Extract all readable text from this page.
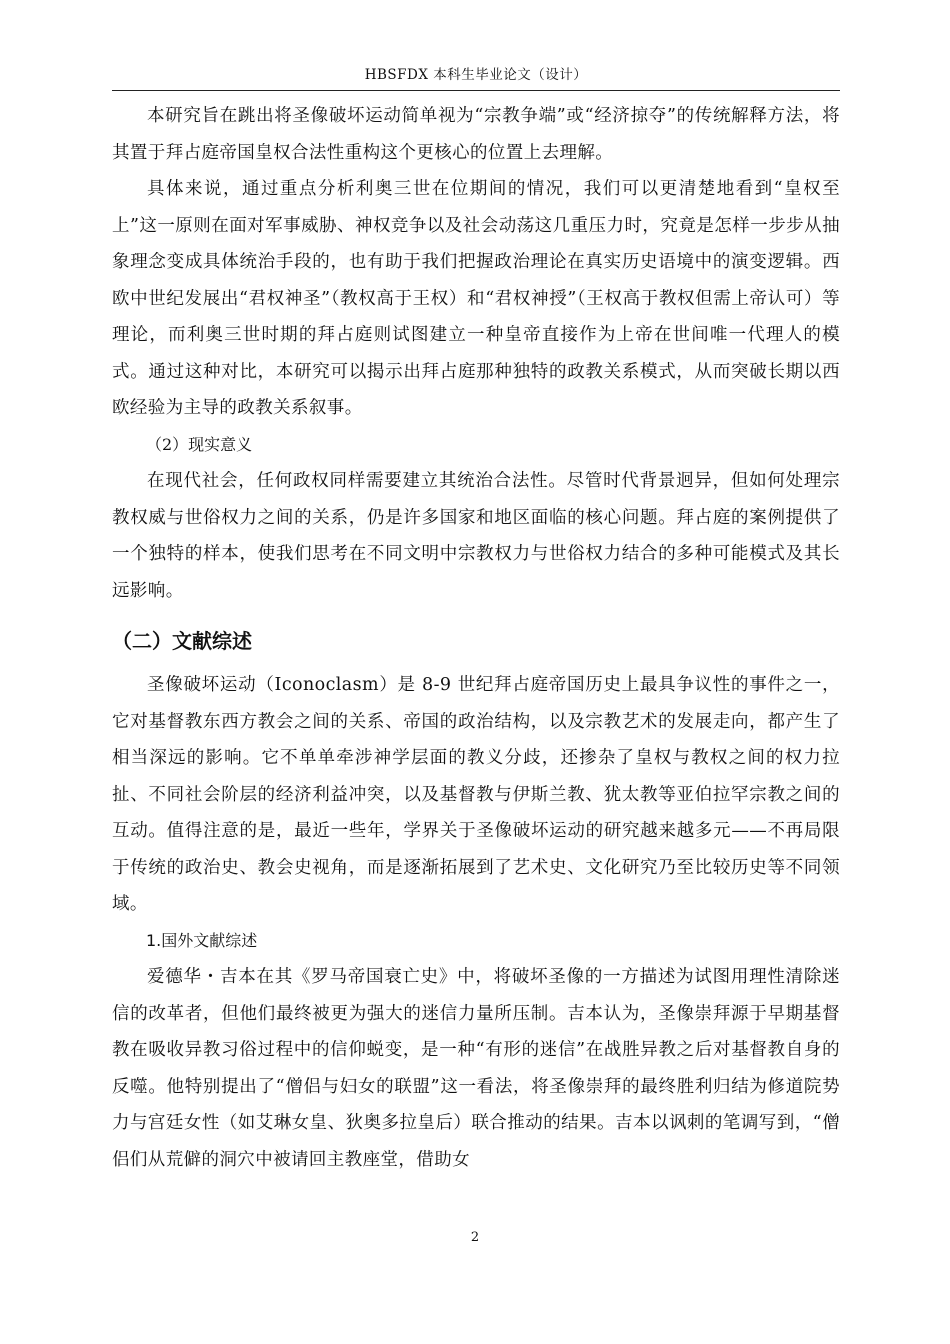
HBSFDX 本科生毕业论文（设计）

本研究旨在跳出将圣像破坏运动简单视为“宗教争端”或“经济掠夺”的传统解释方法，将其置于拜占庭帝国皇权合法性重构这个更核心的位置上去理解。

具体来说，通过重点分析利奥三世在位期间的情况，我们可以更清楚地看到“皇权至上”这一原则在面对军事威胁、神权竞争以及社会动荡这几重压力时，究竟是怎样一步步从抽象理念变成具体统治手段的，也有助于我们把握政治理论在真实历史语境中的演变逻辑。西欧中世纪发展出“君权神圣”（教权高于王权）和“君权神授”（王权高于教权但需上帝认可）等理论，而利奥三世时期的拜占庭则试图建立一种皇帝直接作为上帝在世间唯一代理人的模式。通过这种对比，本研究可以揭示出拜占庭那种独特的政教关系模式，从而突破长期以西欧经验为主导的政教关系叙事。

（2）现实意义

在现代社会，任何政权同样需要建立其统治合法性。尽管时代背景迥异，但如何处理宗教权威与世俗权力之间的关系，仍是许多国家和地区面临的核心问题。拜占庭的案例提供了一个独特的样本，使我们思考在不同文明中宗教权力与世俗权力结合的多种可能模式及其长远影响。

（二）文献综述

圣像破坏运动（Iconoclasm）是 8-9 世纪拜占庭帝国历史上最具争议性的事件之一，它对基督教东西方教会之间的关系、帝国的政治结构，以及宗教艺术的发展走向，都产生了相当深远的影响。它不单单牵涉神学层面的教义分歧，还掺杂了皇权与教权之间的权力拉扯、不同社会阶层的经济利益冲突，以及基督教与伊斯兰教、犹太教等亚伯拉罕宗教之间的互动。值得注意的是，最近一些年，学界关于圣像破坏运动的研究越来越多元——不再局限于传统的政治史、教会史视角，而是逐渐拓展到了艺术史、文化研究乃至比较历史等不同领域。

1.国外文献综述

爱德华・吉本在其《罗马帝国衰亡史》中，将破坏圣像的一方描述为试图用理性清除迷信的改革者，但他们最终被更为强大的迷信力量所压制。吉本认为，圣像崇拜源于早期基督教在吸收异教习俗过程中的信仰蜕变，是一种“有形的迷信”在战胜异教之后对基督教自身的反噬。他特别提出了“僧侣与妇女的联盟”这一看法，将圣像崇拜的最终胜利归结为修道院势力与宫廷女性（如艾琳女皇、狄奥多拉皇后）联合推动的结果。吉本以讽刺的笔调写到，“僧侣们从荒僻的洞穴中被请回主教座堂，借助女

2
